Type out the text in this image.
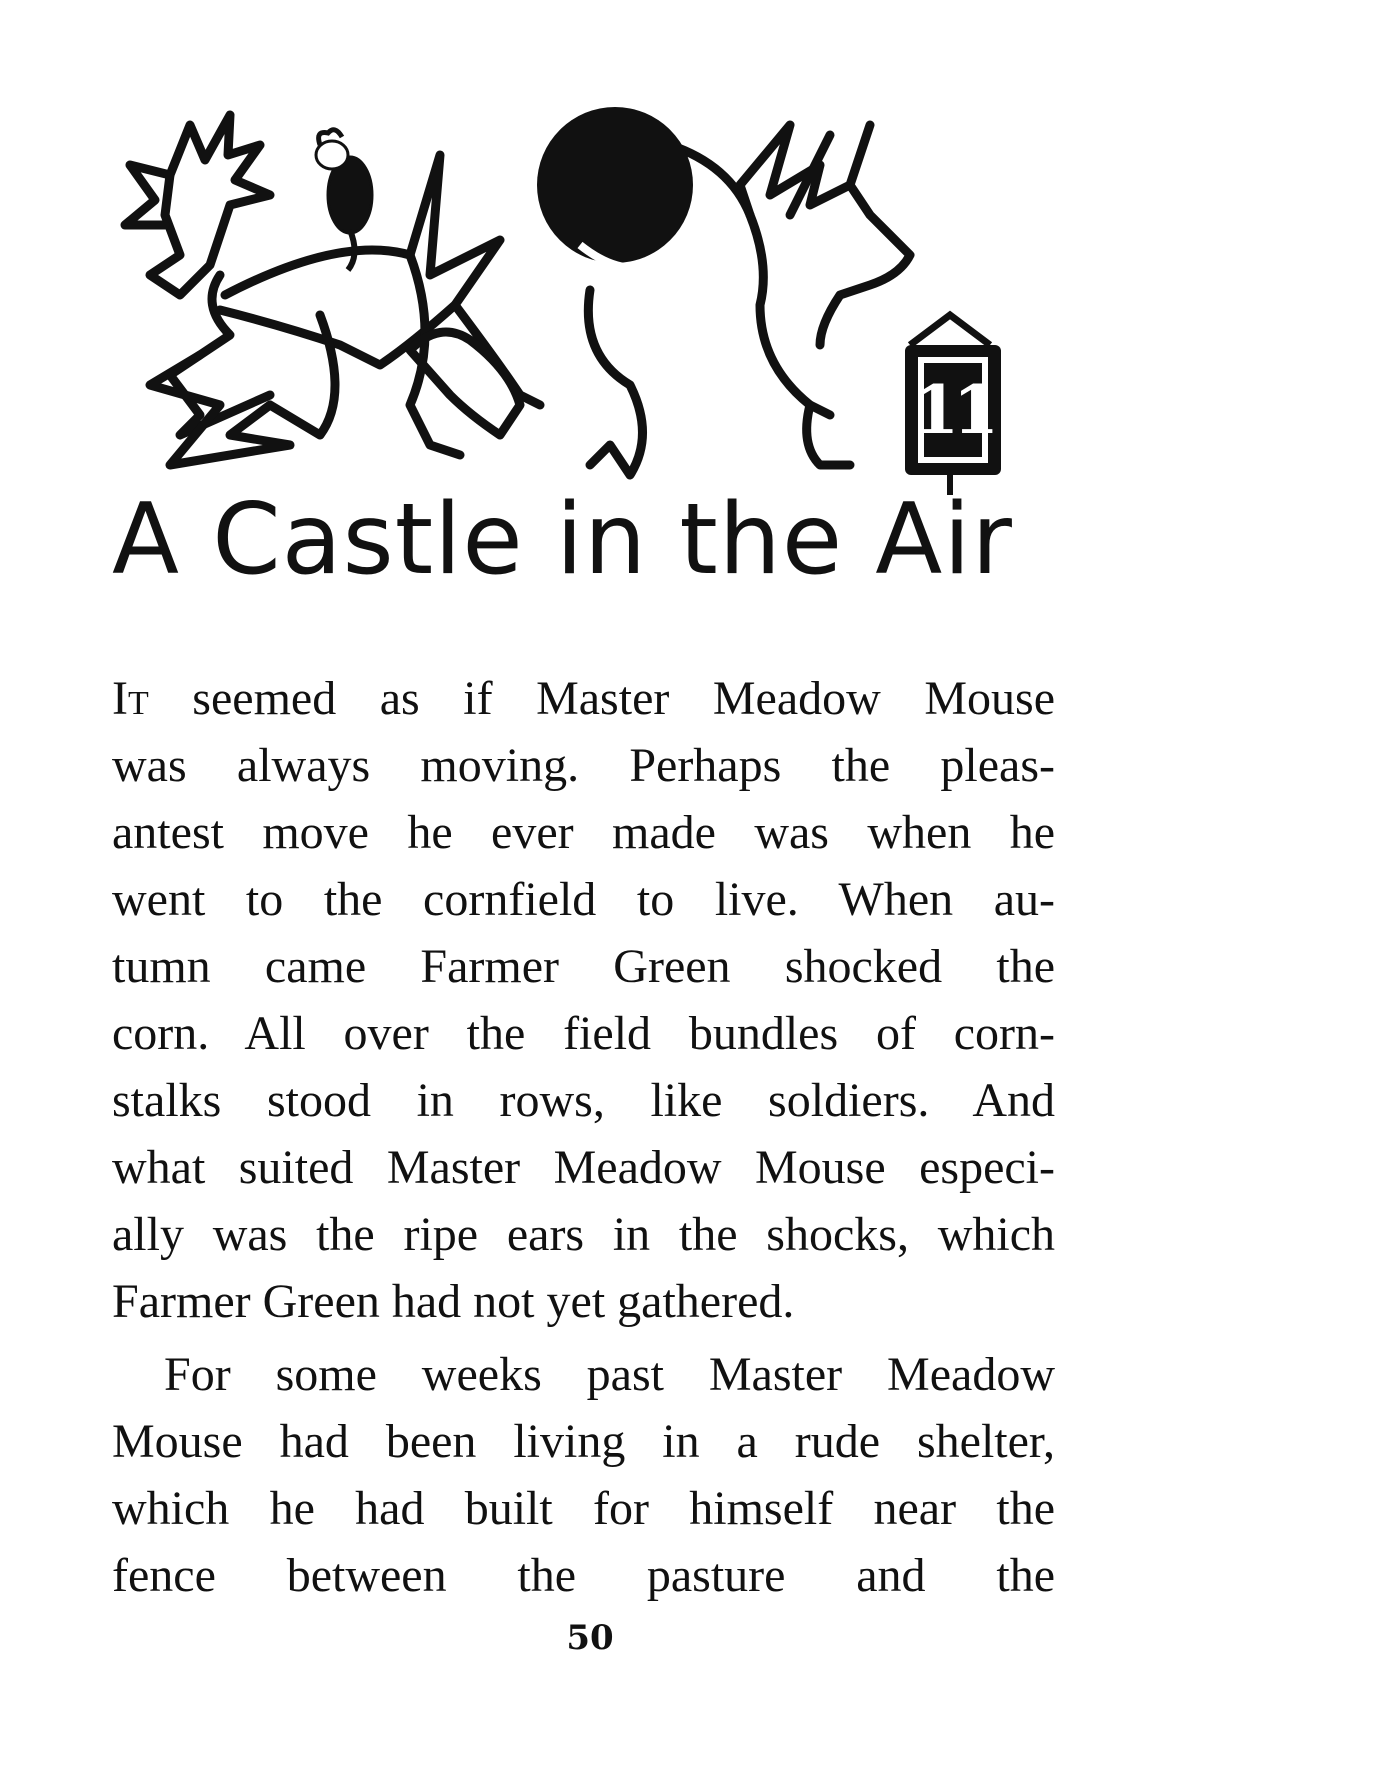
11
A Castle in the Air
It seemed as if Master Meadow Mouse
was always moving. Perhaps the pleas-
antest move he ever made was when he
went to the cornfield to live. When au-
tumn came Farmer Green shocked the
corn. All over the field bundles of corn-
stalks stood in rows, like soldiers. And
what suited Master Meadow Mouse especi-
ally was the ripe ears in the shocks, which
Farmer Green had not yet gathered.
For some weeks past Master Meadow
Mouse had been living in a rude shelter,
which he had built for himself near the
fence between the pasture and the
50
